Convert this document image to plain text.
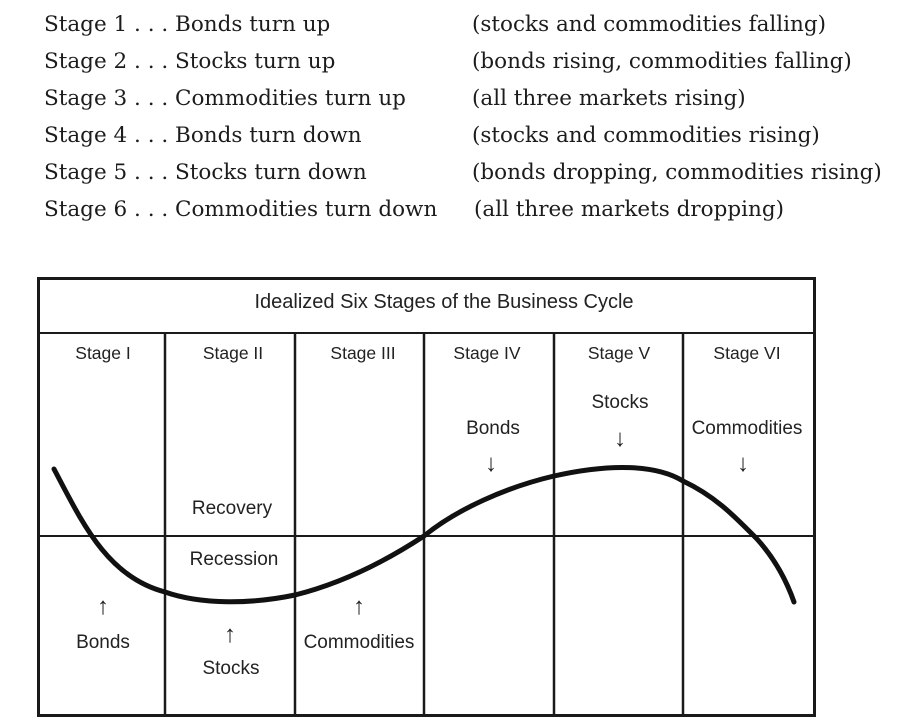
Stage 1 . . . Bonds turn up	(stocks and commodities falling)
Stage 2 . . . Stocks turn up	(bonds rising, commodities falling)
Stage 3 . . . Commodities turn up	(all three markets rising)
Stage 4 . . . Bonds turn down	(stocks and commodities rising)
Stage 5 . . . Stocks turn down	(bonds dropping, commodities rising)
Stage 6 . . . Commodities turn down (all three markets dropping)
Idealized Six Stages of the Business Cycle
Stage I	Stage II	Stage III	Stage IV	Stage V	Stage VI
Recovery
Recession
↑
Bonds	↑
Stocks
↑
Commodities
Bonds
↓
Stocks
↓	Commodities
↓
